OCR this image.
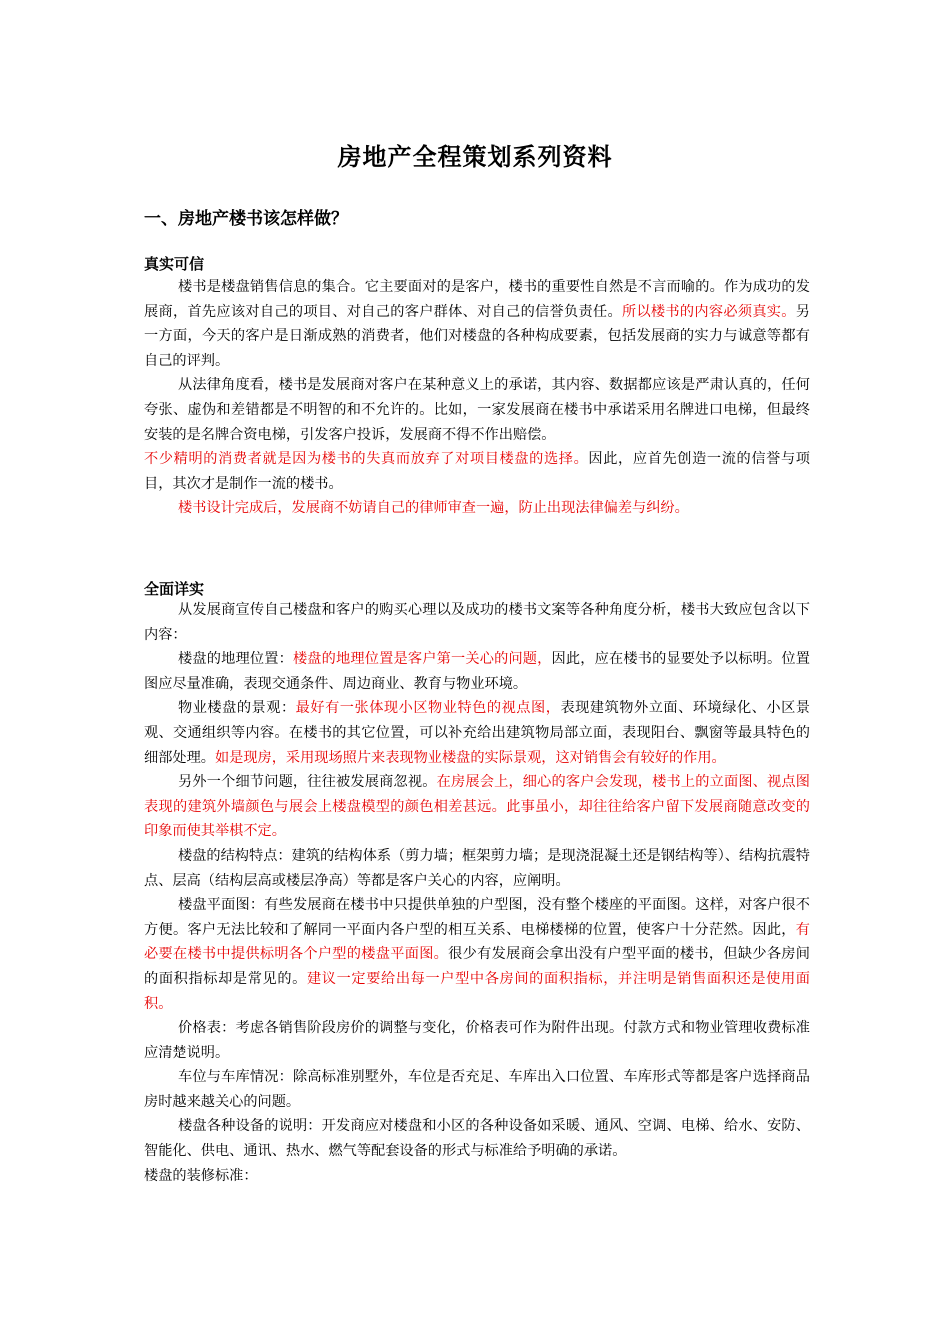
房地产全程策划系列资料
一、房地产楼书该怎样做？
真实可信

楼书是楼盘销售信息的集合。它主要面对的是客户，楼书的重要性自然是不言而喻的。作为成功的发展商，首先应该对自己的项目、对自己的客户群体、对自己的信誉负责任。所以楼书的内容必须真实。另一方面，今天的客户是日渐成熟的消费者，他们对楼盘的各种构成要素，包括发展商的实力与诚意等都有自己的评判。

从法律角度看，楼书是发展商对客户在某种意义上的承诺，其内容、数据都应该是严肃认真的，任何夸张、虚伪和差错都是不明智的和不允许的。比如，一家发展商在楼书中承诺采用名牌进口电梯，但最终安装的是名牌合资电梯，引发客户投诉，发展商不得不作出赔偿。

不少精明的消费者就是因为楼书的失真而放弃了对项目楼盘的选择。因此，应首先创造一流的信誉与项目，其次才是制作一流的楼书。

楼书设计完成后，发展商不妨请自己的律师审查一遍，防止出现法律偏差与纠纷。

全面详实

从发展商宣传自己楼盘和客户的购买心理以及成功的楼书文案等各种角度分析，楼书大致应包含以下内容：

楼盘的地理位置：楼盘的地理位置是客户第一关心的问题，因此，应在楼书的显要处予以标明。位置图应尽量准确，表现交通条件、周边商业、教育与物业环境。

物业楼盘的景观：最好有一张体现小区物业特色的视点图，表现建筑物外立面、环境绿化、小区景观、交通组织等内容。在楼书的其它位置，可以补充给出建筑物局部立面，表现阳台、飘窗等最具特色的细部处理。如是现房，采用现场照片来表现物业楼盘的实际景观，这对销售会有较好的作用。

另外一个细节问题，往往被发展商忽视。在房展会上，细心的客户会发现，楼书上的立面图、视点图表现的建筑外墙颜色与展会上楼盘模型的颜色相差甚远。此事虽小，却往往给客户留下发展商随意改变的印象而使其举棋不定。

楼盘的结构特点：建筑的结构体系（剪力墙；框架剪力墙；是现浇混凝土还是钢结构等）、结构抗震特点、层高（结构层高或楼层净高）等都是客户关心的内容，应阐明。

楼盘平面图：有些发展商在楼书中只提供单独的户型图，没有整个楼座的平面图。这样，对客户很不方便。客户无法比较和了解同一平面内各户型的相互关系、电梯楼梯的位置，使客户十分茫然。因此，有必要在楼书中提供标明各个户型的楼盘平面图。很少有发展商会拿出没有户型平面的楼书，但缺少各房间的面积指标却是常见的。建议一定要给出每一户型中各房间的面积指标，并注明是销售面积还是使用面积。

价格表：考虑各销售阶段房价的调整与变化，价格表可作为附件出现。付款方式和物业管理收费标准应清楚说明。

车位与车库情况：除高标准别墅外，车位是否充足、车库出入口位置、车库形式等都是客户选择商品房时越来越关心的问题。

楼盘各种设备的说明：开发商应对楼盘和小区的各种设备如采暖、通风、空调、电梯、给水、安防、智能化、供电、通讯、热水、燃气等配套设备的形式与标准给予明确的承诺。

楼盘的装修标准：
